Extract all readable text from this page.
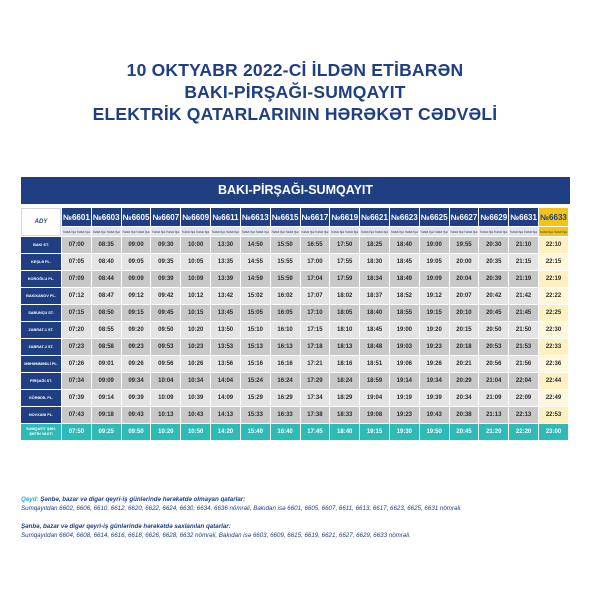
10 OKTYABR 2022-Cİ İLDƏN ETİBARƏN
BAKI-PİRŞAĞI-SUMQAYIT
ELEKTRİK QATARLARININ HƏRƏKƏT CƏDVƏLİ
BAKI-PİRŞAĞI-SUMQAYIT
ADY	№6601	№6603	№6605	№6607	№6609	№6611	№6613	№6615	№6617	№6619	№6621	№6623	№6625	№6627	№6629	№6631	№6633
	həsa işə həsa işə	həsa işə həsa işə	həsa işə həsa işə	həsa işə həsa işə	həsa işə həsa işə	həsa işə həsa işə	həsa işə həsa işə	həsa işə həsa işə	həsa işə həsa işə	həsa işə həsa işə	həsa işə həsa işə	həsa işə həsa işə	həsa işə həsa işə	həsa işə həsa işə	həsa işə həsa işə	həsa işə həsa işə	həsa işə həsa işə
BAKI ST.	07:00	08:35	09:00	09:30	10:00	13:30	14:50	15:50	16:55	17:50	18:25	18:40	19:00	19:55	20:30	21:10	22:10
KEŞLƏ PL.	07:05	08:40	09:05	09:35	10:05	13:35	14:55	15:55	17:00	17:55	18:30	18:45	19:05	20:00	20:35	21:15	22:15
KOROĞLU PL.	07:09	08:44	09:09	09:39	10:09	13:39	14:59	15:59	17:04	17:59	18:34	18:49	19:09	20:04	20:39	21:19	22:19
BAKIXANOV PL.	07:12	08:47	09:12	09:42	10:12	13:42	15:02	16:02	17:07	18:02	18:37	18:52	19:12	20:07	20:42	21:42	22:22
SABUNÇU ST.	07:15	08:50	09:15	09:45	10:15	13:45	15:05	16:05	17:10	18:05	18:40	18:55	19:15	20:10	20:45	21:45	22:25
ZABRAT-1 ST.	07:20	08:55	09:20	09:50	10:20	13:50	15:10	16:10	17:15	18:10	18:45	19:00	19:20	20:15	20:50	21:50	22:30
ZABRAT-2 ST.	07:23	08:58	09:23	09:53	10:23	13:53	15:13	16:13	17:18	18:13	18:48	19:03	19:23	20:18	20:53	21:53	22:33
MƏHƏMMƏDLİ PL.	07:26	09:01	09:26	09:56	10:26	13:56	15:16	16:16	17:21	18:16	18:51	19:06	19:26	20:21	20:56	21:56	22:36
PİRŞAĞI ST.	07:34	09:09	09:34	10:04	10:34	14:04	15:24	16:24	17:29	18:24	18:59	19:14	19:34	20:29	21:04	22:04	22:44
GÖRƏDİL PL.	07:39	09:14	09:39	10:09	10:39	14:09	15:29	16:29	17:34	18:29	19:04	19:19	19:39	20:34	21:09	22:09	22:49
NOVXANI PL.	07:43	09:18	09:43	10:13	10:43	14:13	15:33	16:33	17:38	18:33	19:08	19:23	19:43	20:38	21:13	22:13	22:53
SUMQAYIT ŞƏH. ŞƏTİN VAXTI	07:50	09:25	09:50	10:20	10:50	14:20	15:40	16:40	17:45	18:40	19:15	19:30	19:50	20:45	21:20	22:20	23:00

Qeyd: Şənbə, bazar və digər qeyri-iş günlərində hərəkətdə olmayan qatarlar:

Sumqayıtdan 6602, 6606, 6610, 6612, 6620, 6622, 6624, 6630, 6634, 6636 nömrəli, Bakıdan isə 6601, 6605, 6607, 6611, 6613, 6617, 6623, 6625, 6631 nömrəli.

Şənbə, bazar və digər qeyri-iş günlərində hərəkətdə saxlanılan qatarlar:

Sumqayıtdan 6604, 6608, 6614, 6616, 6618, 6626, 6628, 6632 nömrəli, Bakıdan isə 6603, 6609, 6615, 6619, 6621, 6627, 6629, 6633 nömrəli.
